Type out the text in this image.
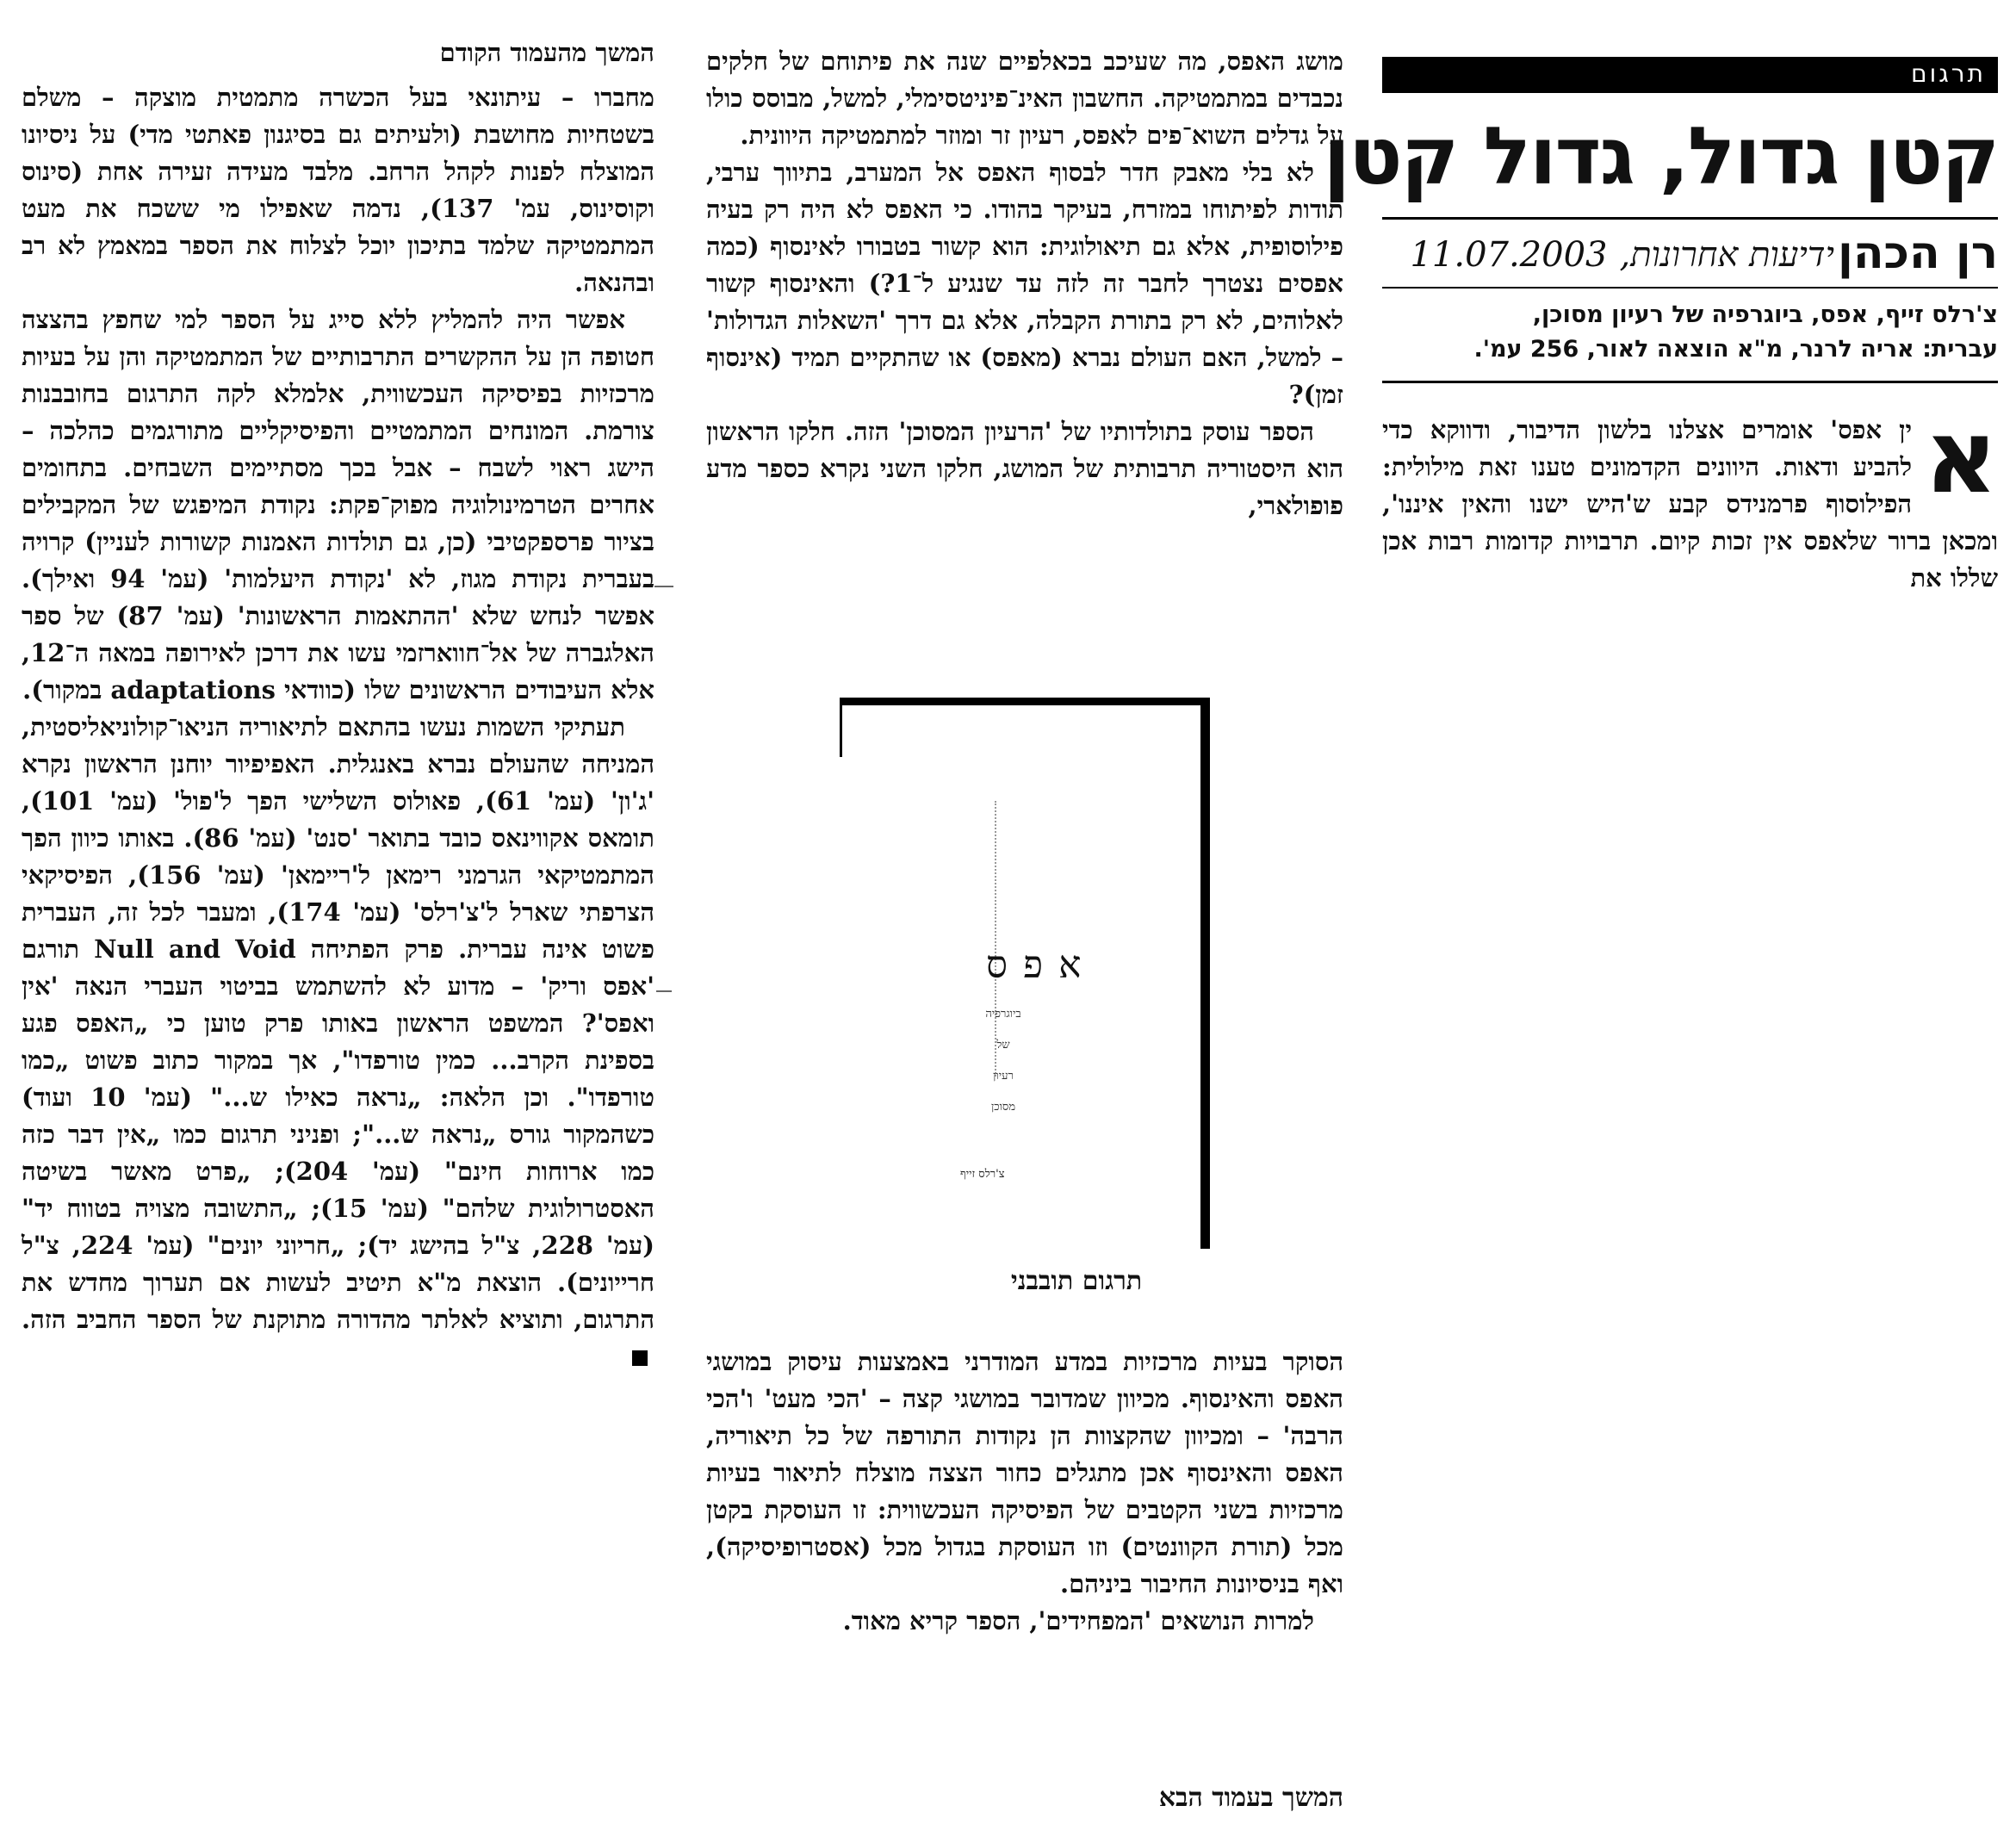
תרגום
קטן גדול, גדול קטן
רן הכהן
ידיעות אחרונות,11.07.2003
צ'רלס זייף, אפס, ביוגרפיה של רעיון מסוכן,
עברית: אריה לרנר, מ"א הוצאה לאור, 256 עמ'.
א

ין אפס' אומרים אצלנו בלשון הדיבור, ודווקא כדי להביע ודאות. היוונים הקדמונים טענו זאת מילולית: הפילוסוף פרמנידס קבע ש'היש ישנו והאין איננו', ומכאן ברור שלאפס אין זכות קיום. תרבויות קדומות רבות אכן שללו את

מושג האפס, מה שעיכב בכאלפיים שנה את פיתוחם של חלקים נכבדים במתמטיקה. החשבון האינ־פיניטסימלי, למשל, מבוסס כולו על גדלים השוא־פים לאפס, רעיון זר ומוזר למתמטיקה היוונית.

לא בלי מאבק חדר לבסוף האפס אל המערב, בתיווך ערבי, תודות לפיתוחו במזרח, בעיקר בהודו. כי האפס לא היה רק בעיה פילוסופית, אלא גם תיאולוגית: הוא קשור בטבורו לאינסוף (כמה אפסים נצטרך לחבר זה לזה עד שנגיע ל־1?) והאינסוף קשור לאלוהים, לא רק בתורת הקבלה, אלא גם דרך 'השאלות הגדולות' – למשל, האם העולם נברא (מאפס) או שהתקיים תמיד (אינסוף זמן)?

הספר עוסק בתולדותיו של 'הרעיון המסוכן' הזה. חלקו הראשון הוא היסטוריה תרבותית של המושג, חלקו השני נקרא כספר מדע פופולארי,

אפס
ביוגרפיה
של
רעיון
מסוכן
צ'רלס זייף
תרגום תובבני

הסוקר בעיות מרכזיות במדע המודרני באמצעות עיסוק במושגי האפס והאינסוף. מכיוון שמדובר במושגי קצה – 'הכי מעט' ו'הכי הרבה' – ומכיוון שהקצוות הן נקודות התורפה של כל תיאוריה, האפס והאינסוף אכן מתגלים כחור הצצה מוצלח לתיאור בעיות מרכזיות בשני הקטבים של הפיסיקה העכשווית: זו העוסקת בקטן מכל (תורת הקוונטים) וזו העוסקת בגדול מכל (אסטרופיסיקה), ואף בניסיונות החיבור ביניהם.

למרות הנושאים 'המפחידים', הספר קריא מאוד.

המשך בעמוד הבא
המשך מהעמוד הקודם

מחברו – עיתונאי בעל הכשרה מתמטית מוצקה – משלם בשטחיות מחושבת (ולעיתים גם בסיגנון פאתטי מדי) על ניסיונו המוצלח לפנות לקהל הרחב. מלבד מעידה זעירה אחת (סינוס וקוסינוס, עמ' 137), נדמה שאפילו מי ששכח את מעט המתמטיקה שלמד בתיכון יוכל לצלוח את הספר במאמץ לא רב ובהנאה.

אפשר היה להמליץ ללא סייג על הספר למי שחפץ בהצצה חטופה הן על ההקשרים התרבותיים של המתמטיקה והן על בעיות מרכזיות בפיסיקה העכשווית, אלמלא לקה התרגום בחובבנות צורמת. המונחים המתמטיים והפיסיקליים מתורגמים כהלכה – הישג ראוי לשבח – אבל בכך מסתיימים השבחים. בתחומים אחרים הטרמינולוגיה מפוק־פקת: נקודת המיפגש של המקבילים בציור פרספקטיבי (כן, גם תולדות האמנות קשורות לעניין) קרויה בעברית נקודת מגוז, לא 'נקודת היעלמות' (עמ' 94 ואילך). אפשר לנחש שלא 'ההתאמות הראשונות' (עמ' 87) של ספר האלגברה של אל־חווארזמי עשו את דרכן לאירופה במאה ה־12, אלא העיבודים הראשונים שלו (כוודאי adaptations במקור).

תעתיקי השמות נעשו בהתאם לתיאוריה הניאו־קולוניאליסטית, המניחה שהעולם נברא באנגלית. האפיפיור יוחנן הראשון נקרא 'ג'ון' (עמ' 61), פאולוס השלישי הפך ל'פול' (עמ' 101), תומאס אקווינאס כובד בתואר 'סנט' (עמ' 86). באותו כיוון הפך המתמטיקאי הגרמני רימאן ל'ריימאן' (עמ' 156), הפיסיקאי הצרפתי שארל ל'צ'רלס' (עמ' 174), ומעבר לכל זה, העברית פשוט אינה עברית. פרק הפתיחה Null and Void תורגם 'אפס וריק' – מדוע לא להשתמש בביטוי העברי הנאה 'אין ואפס'? המשפט הראשון באותו פרק טוען כי „האפס פגע בספינת הקרב... כמין טורפדו", אך במקור כתוב פשוט „כמו טורפדו". וכן הלאה: „נראה כאילו ש..." (עמ' 10 ועוד) כשהמקור גורס „נראה ש..."; ופניני תרגום כמו „אין דבר כזה כמו ארוחות חינם" (עמ' 204); „פרט מאשר בשיטה האסטרולוגית שלהם" (עמ' 15); „התשובה מצויה בטווח יד" (עמ' 228, צ"ל בהישג יד); „חריוני יונים" (עמ' 224, צ"ל חרייונים). הוצאת מ"א תיטיב לעשות אם תערוך מחדש את התרגום, ותוציא לאלתר מהדורה מתוקנת של הספר החביב הזה.
